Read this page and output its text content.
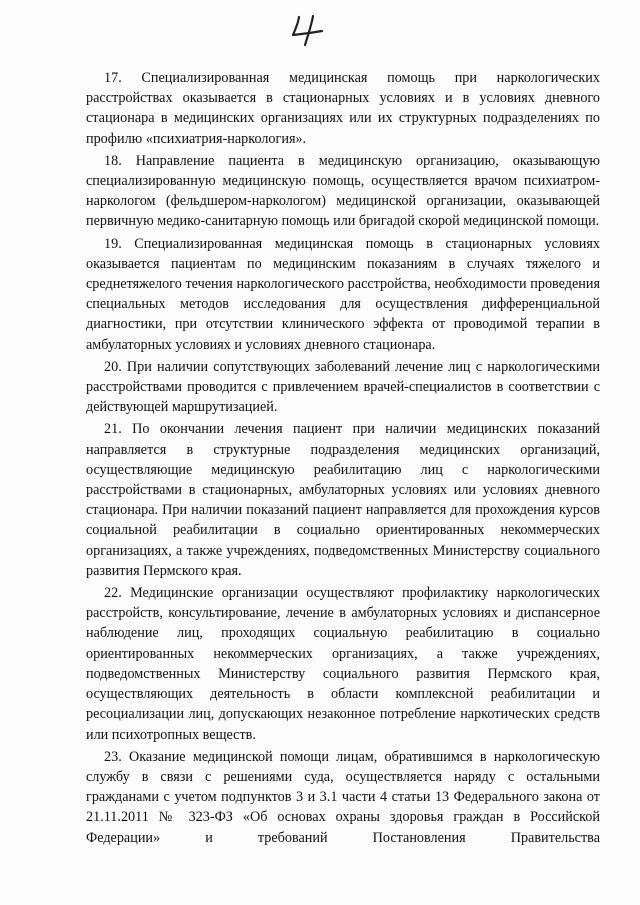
17. Специализированная медицинская помощь при наркологических расстройствах оказывается в стационарных условиях и в условиях дневного стационара в медицинских организациях или их структурных подразделениях по профилю «психиатрия-наркология».

18. Направление пациента в медицинскую организацию, оказывающую специализированную медицинскую помощь, осуществляется врачом психиатром-наркологом (фельдшером-наркологом) медицинской организации, оказывающей первичную медико-санитарную помощь или бригадой скорой медицинской помощи.

19. Специализированная медицинская помощь в стационарных условиях оказывается пациентам по медицинским показаниям в случаях тяжелого и среднетяжелого течения наркологического расстройства, необходимости проведения специальных методов исследования для осуществления дифференциальной диагностики, при отсутствии клинического эффекта от проводимой терапии в амбулаторных условиях и условиях дневного стационара.

20. При наличии сопутствующих заболеваний лечение лиц с наркологическими расстройствами проводится с привлечением врачей-специалистов в соответствии с действующей маршрутизацией.

21. По окончании лечения пациент при наличии медицинских показаний направляется в структурные подразделения медицинских организаций, осуществляющие медицинскую реабилитацию лиц с наркологическими расстройствами в стационарных, амбулаторных условиях или условиях дневного стационара. При наличии показаний пациент направляется для прохождения курсов социальной реабилитации в социально ориентированных некоммерческих организациях, а также учреждениях, подведомственных Министерству социального развития Пермского края.

22. Медицинские организации осуществляют профилактику наркологических расстройств, консультирование, лечение в амбулаторных условиях и диспансерное наблюдение лиц, проходящих социальную реабилитацию в социально ориентированных некоммерческих организациях, а также учреждениях, подведомственных Министерству социального развития Пермского края, осуществляющих деятельность в области комплексной реабилитации и ресоциализации лиц, допускающих незаконное потребление наркотических средств или психотропных веществ.

23. Оказание медицинской помощи лицам, обратившимся в наркологическую службу в связи с решениями суда, осуществляется наряду с остальными гражданами с учетом подпунктов 3 и 3.1 части 4 статьи 13 Федерального закона от 21.11.2011 № 323-ФЗ «Об основах охраны здоровья граждан в Российской Федерации» и требований Постановления Правительства
